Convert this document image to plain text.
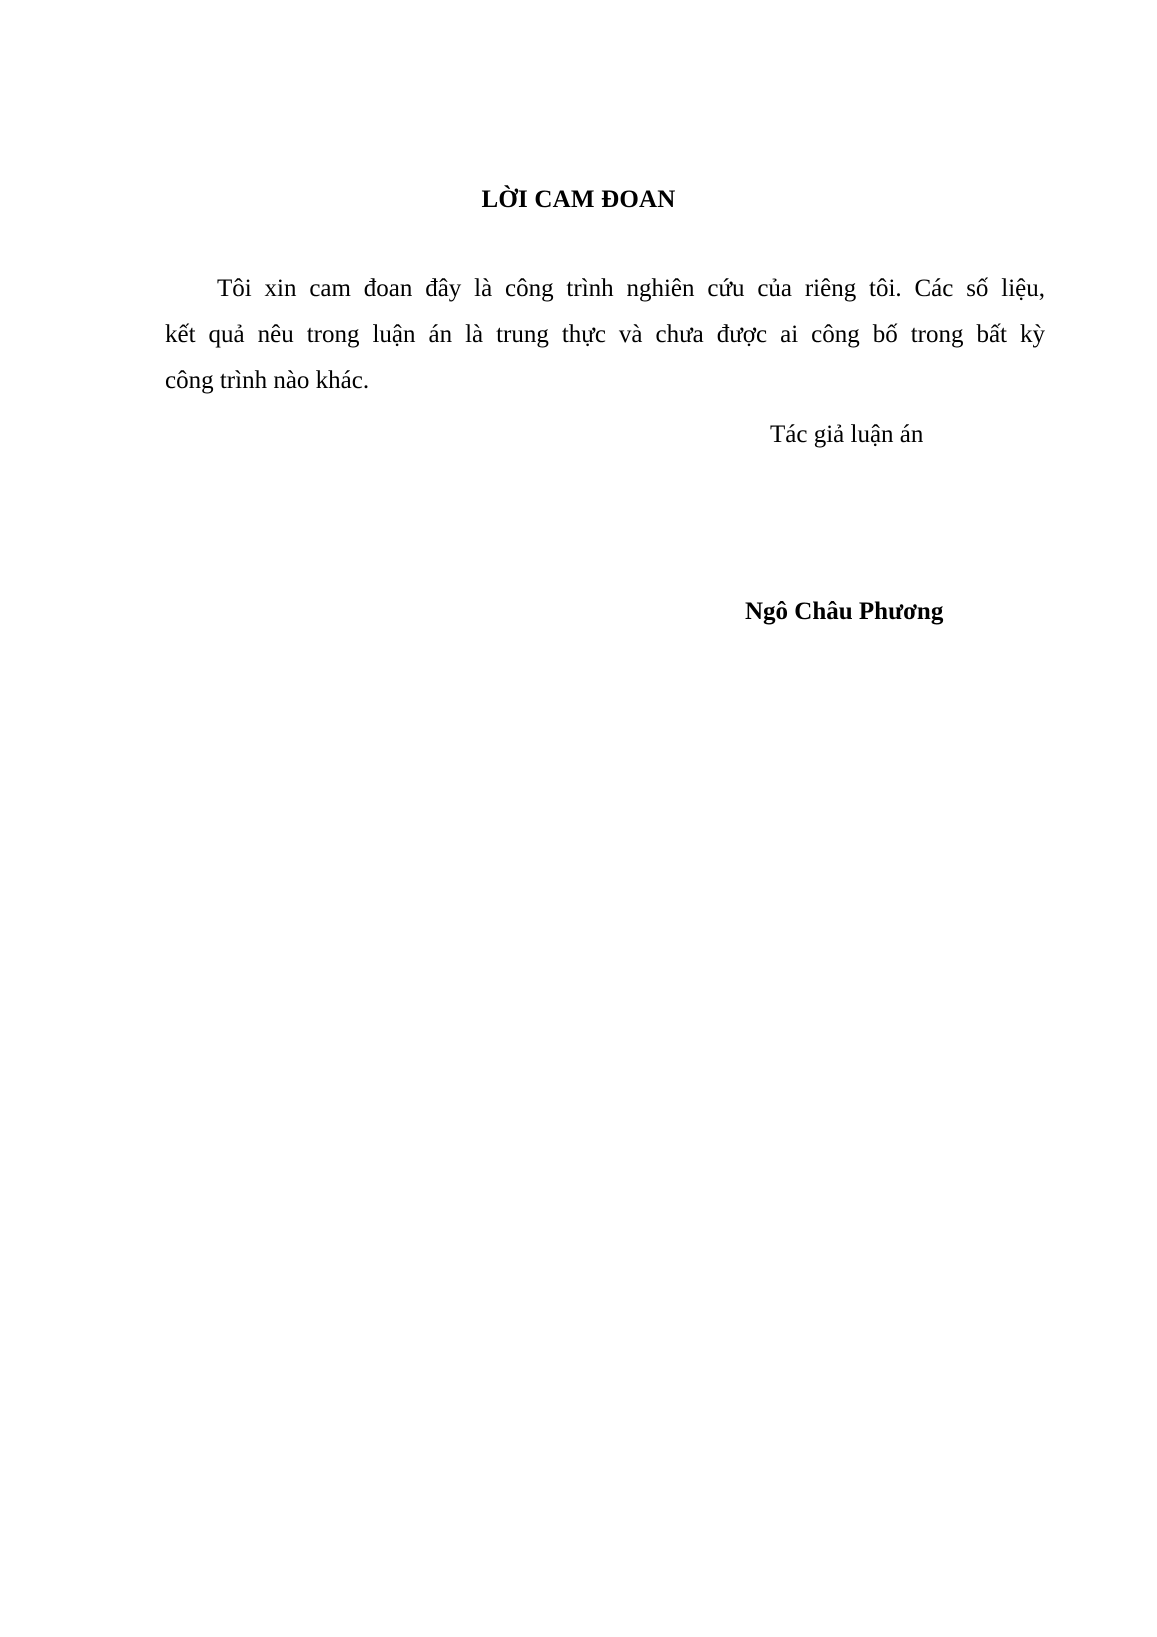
LỜI CAM ĐOAN
Tôi xin cam đoan đây là công trình nghiên cứu của riêng tôi. Các số liệu,
kết quả nêu trong luận án là trung thực và chưa được ai công bố trong bất kỳ
công trình nào khác.
Tác giả luận án
Ngô Châu Phương
